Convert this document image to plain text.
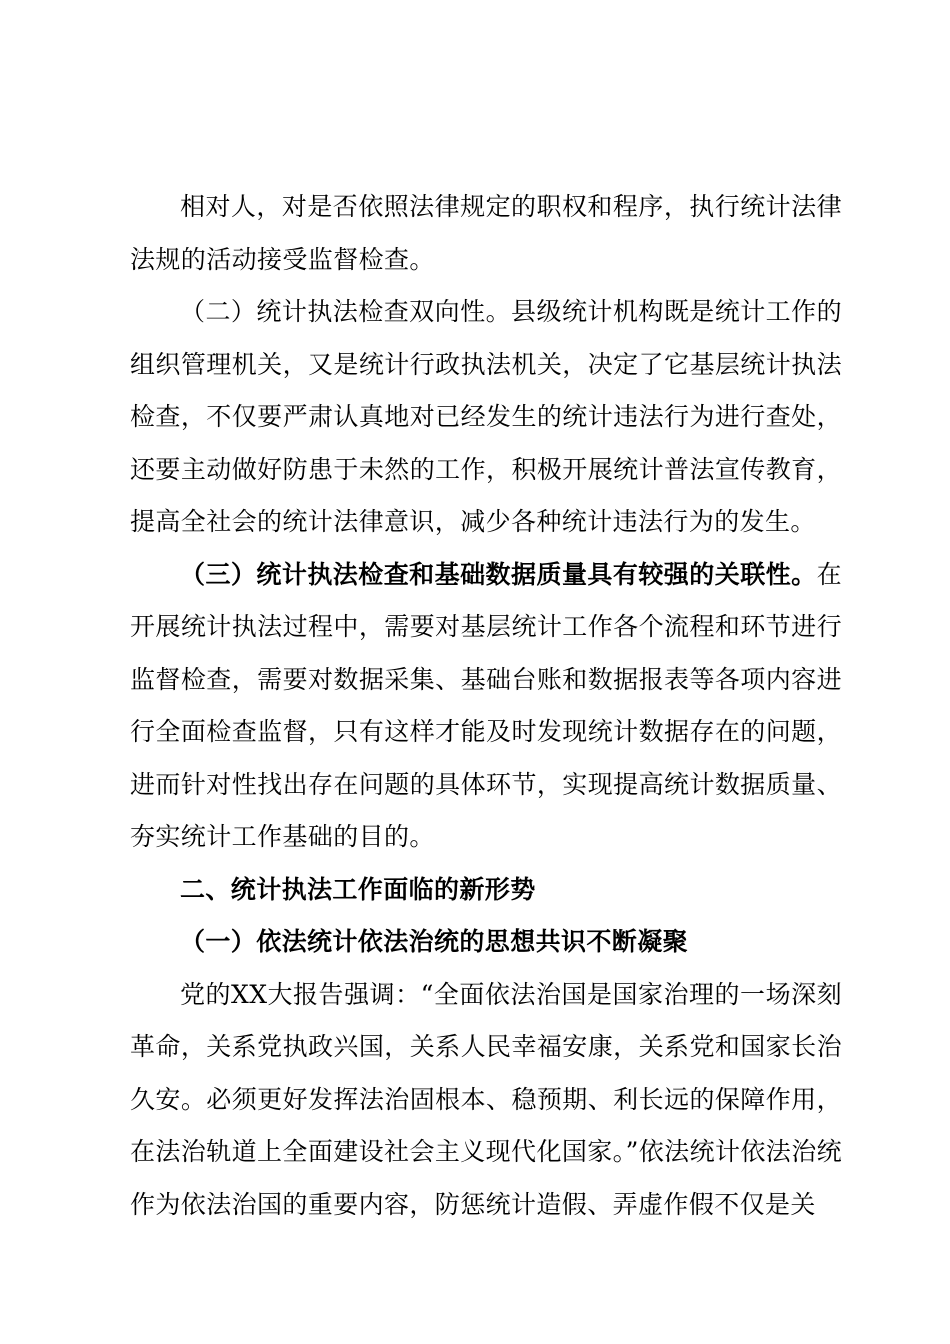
相对人，对是否依照法律规定的职权和程序，执行统计法律法规的活动接受监督检查。

（二）统计执法检查双向性。县级统计机构既是统计工作的组织管理机关，又是统计行政执法机关，决定了它基层统计执法检查，不仅要严肃认真地对已经发生的统计违法行为进行查处，还要主动做好防患于未然的工作，积极开展统计普法宣传教育，提高全社会的统计法律意识，减少各种统计违法行为的发生。

（三）统计执法检查和基础数据质量具有较强的关联性。在开展统计执法过程中，需要对基层统计工作各个流程和环节进行监督检查，需要对数据采集、基础台账和数据报表等各项内容进行全面检查监督，只有这样才能及时发现统计数据存在的问题，进而针对性找出存在问题的具体环节，实现提高统计数据质量、夯实统计工作基础的目的。

二、统计执法工作面临的新形势

（一）依法统计依法治统的思想共识不断凝聚

党的XX大报告强调：“全面依法治国是国家治理的一场深刻革命，关系党执政兴国，关系人民幸福安康，关系党和国家长治久安。必须更好发挥法治固根本、稳预期、利长远的保障作用，在法治轨道上全面建设社会主义现代化国家。”依法统计依法治统作为依法治国的重要内容，防惩统计造假、弄虚作假不仅是关
